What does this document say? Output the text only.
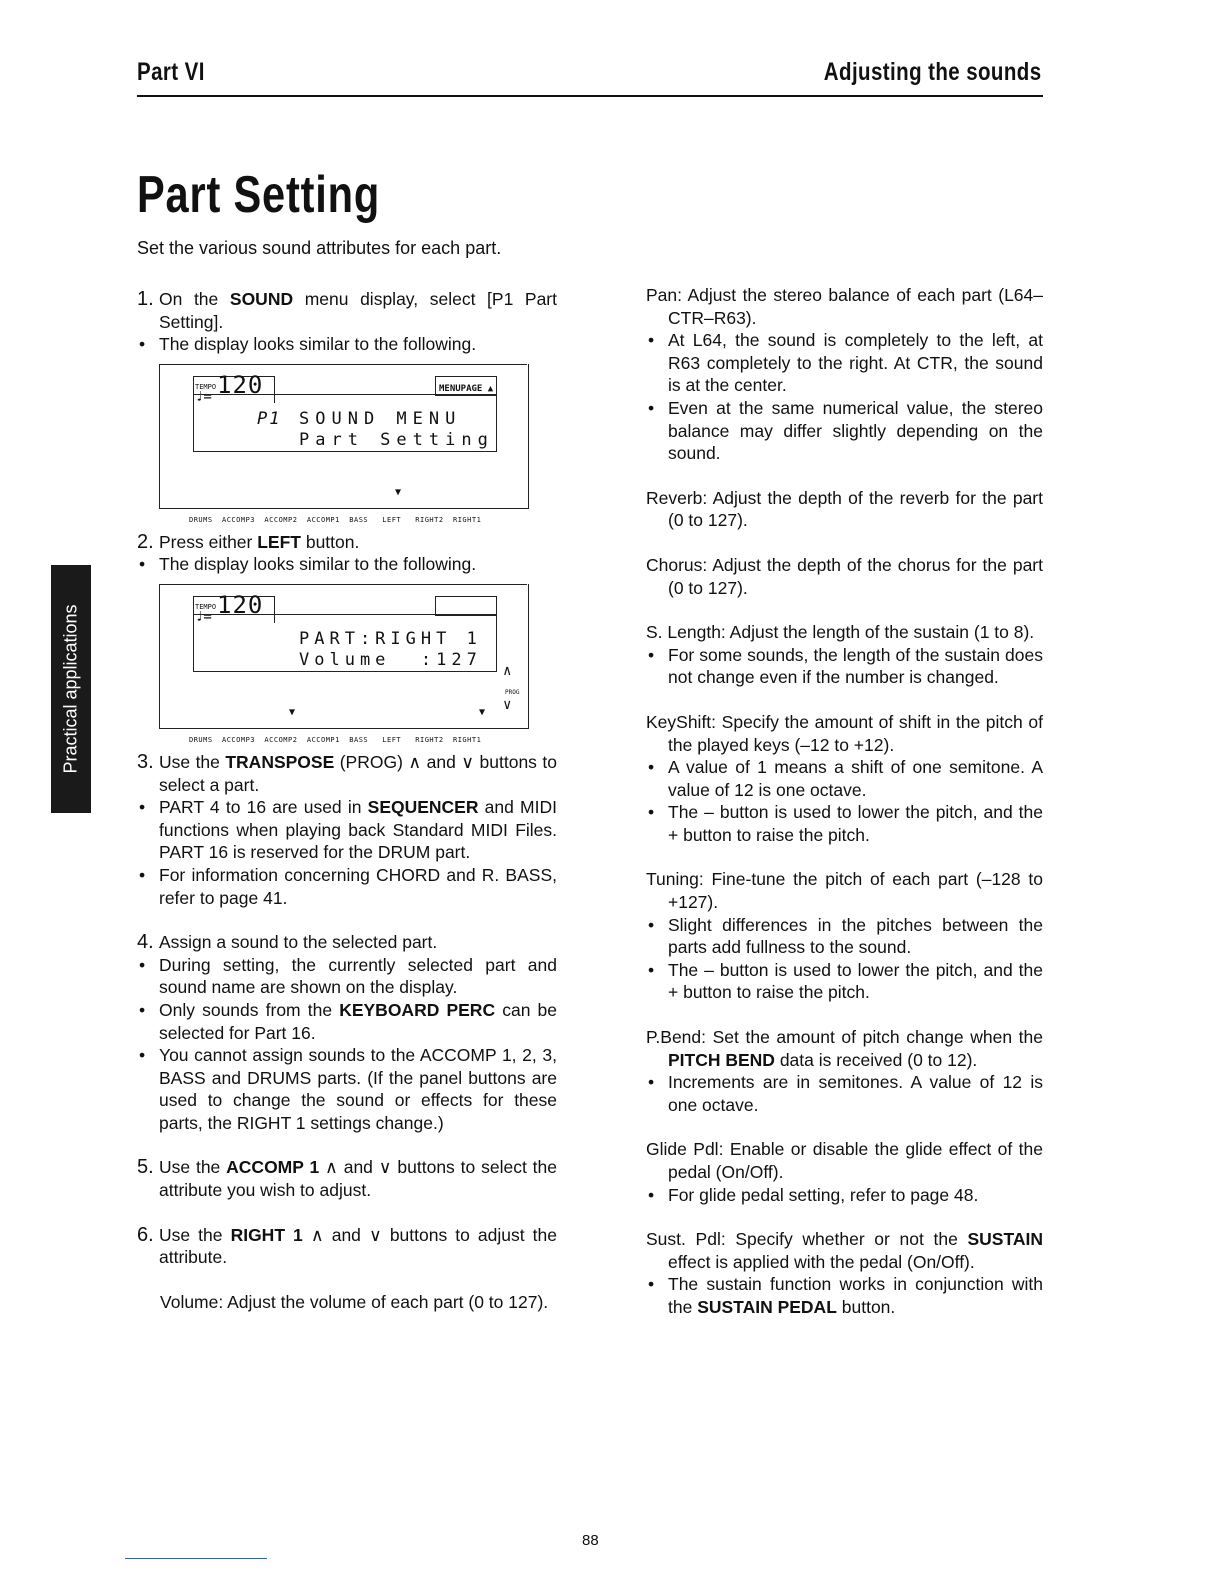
Part VI	Adjusting the sounds
Part Setting
Set the various sound attributes for each part.
Practical applications
1. On the SOUND menu display, select [P1 Part Setting].
• The display looks similar to the following.
TEMPO
♩= 120	MENUPAGE ▲
P1 SOUND MENU
Part Setting
▼
DRUMS  ACCOMP3  ACCOMP2  ACCOMP1  BASS   LEFT   RIGHT2  RIGHT1
2. Press either LEFT button.
• The display looks similar to the following.
TEMPO
♩= 120
PART:RIGHT 1
Volume  :127
∧
PROG
∨
▼	▼
DRUMS  ACCOMP3  ACCOMP2  ACCOMP1  BASS   LEFT   RIGHT2  RIGHT1
3. Use the TRANSPOSE (PROG) ∧ and ∨ buttons to select a part.
• PART 4 to 16 are used in SEQUENCER and MIDI functions when playing back Standard MIDI Files. PART 16 is reserved for the DRUM part.
• For information concerning CHORD and R. BASS, refer to page 41.
4. Assign a sound to the selected part.
• During setting, the currently selected part and sound name are shown on the display.
• Only sounds from the KEYBOARD PERC can be selected for Part 16.
• You cannot assign sounds to the ACCOMP 1, 2, 3, BASS and DRUMS parts. (If the panel buttons are used to change the sound or effects for these parts, the RIGHT 1 settings change.)
5. Use the ACCOMP 1 ∧ and ∨ buttons to select the attribute you wish to adjust.
6. Use the RIGHT 1 ∧ and ∨ buttons to adjust the attribute.
Volume: Adjust the volume of each part (0 to 127).
Pan: Adjust the stereo balance of each part (L64–CTR–R63).
• At L64, the sound is completely to the left, at R63 completely to the right. At CTR, the sound is at the center.
• Even at the same numerical value, the stereo balance may differ slightly depending on the sound.
Reverb: Adjust the depth of the reverb for the part (0 to 127).
Chorus: Adjust the depth of the chorus for the part (0 to 127).
S. Length: Adjust the length of the sustain (1 to 8).
• For some sounds, the length of the sustain does not change even if the number is changed.
KeyShift: Specify the amount of shift in the pitch of the played keys (–12 to +12).
• A value of 1 means a shift of one semitone. A value of 12 is one octave.
• The – button is used to lower the pitch, and the + button to raise the pitch.
Tuning: Fine-tune the pitch of each part (–128 to +127).
• Slight differences in the pitches between the parts add fullness to the sound.
• The – button is used to lower the pitch, and the + button to raise the pitch.
P.Bend: Set the amount of pitch change when the PITCH BEND data is received (0 to 12).
• Increments are in semitones. A value of 12 is one octave.
Glide Pdl: Enable or disable the glide effect of the pedal (On/Off).
• For glide pedal setting, refer to page 48.
Sust. Pdl: Specify whether or not the SUSTAIN effect is applied with the pedal (On/Off).
• The sustain function works in conjunction with the SUSTAIN PEDAL button.
88
